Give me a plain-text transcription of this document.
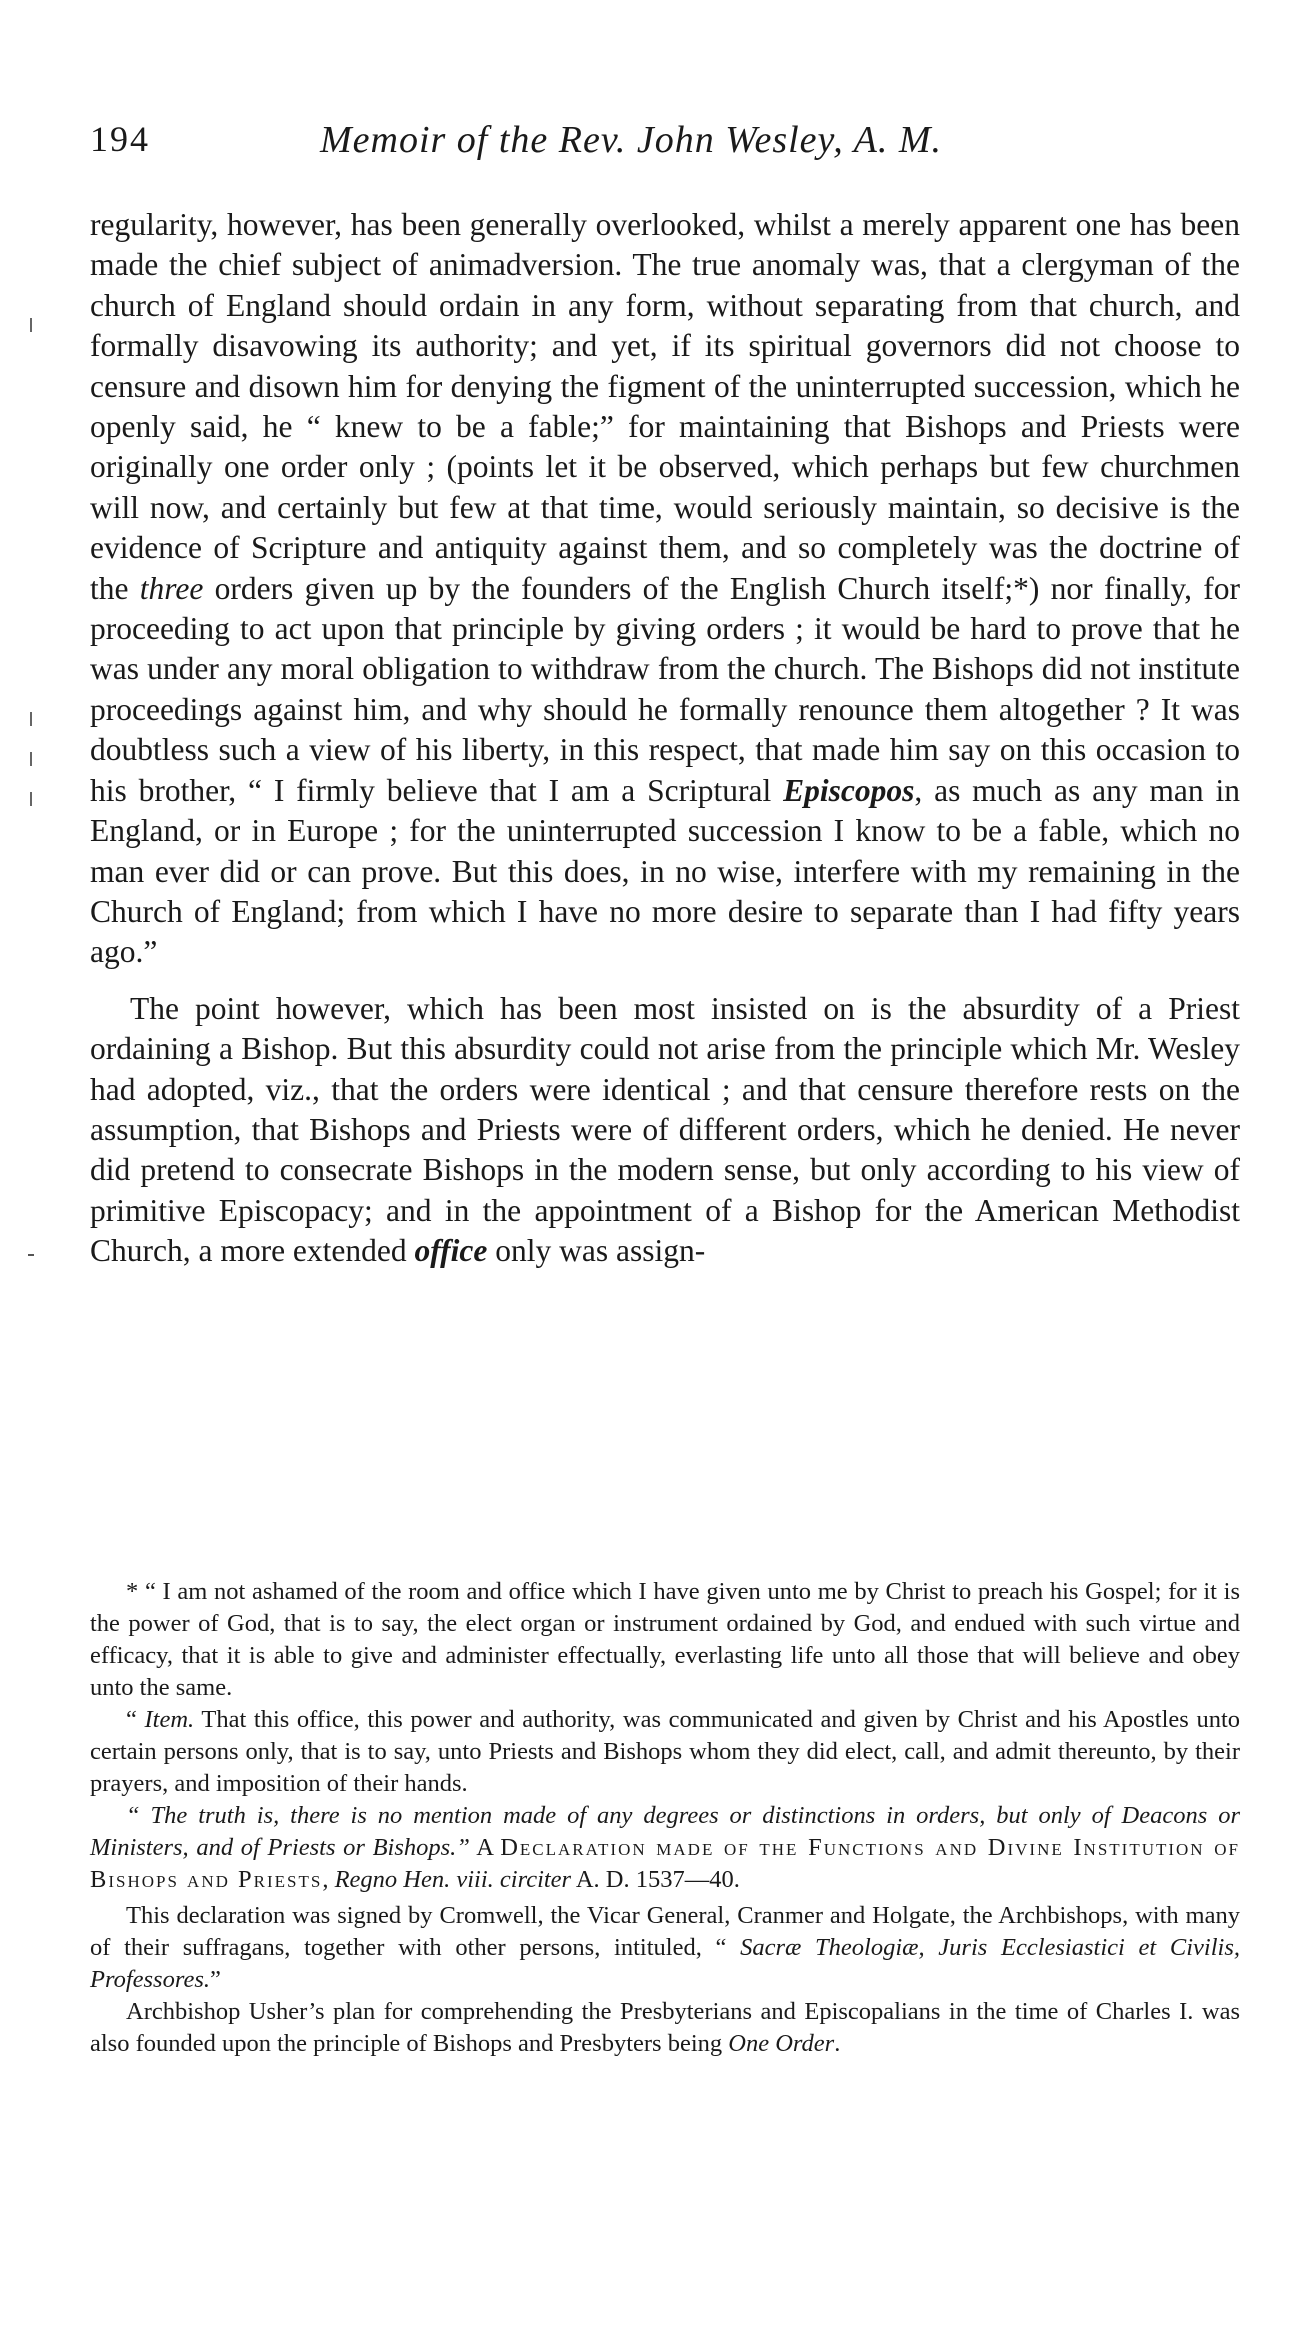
194	Memoir of the Rev. John Wesley, A. M.

regularity, however, has been generally overlooked, whilst a merely apparent one has been made the chief subject of animadversion. The true anomaly was, that a clergyman of the church of England should ordain in any form, without separating from that church, and formally disavowing its authority; and yet, if its spiritual governors did not choose to censure and disown him for denying the figment of the uninterrupted succession, which he openly said, he “ knew to be a fable;” for maintaining that Bishops and Priests were originally one order only ; (points let it be observed, which perhaps but few churchmen will now, and certainly but few at that time, would seriously maintain, so decisive is the evidence of Scripture and antiquity against them, and so completely was the doctrine of the three orders given up by the founders of the English Church itself;*) nor finally, for proceeding to act upon that principle by giving orders ; it would be hard to prove that he was under any moral obligation to withdraw from the church. The Bishops did not institute proceedings against him, and why should he formally renounce them altogether ? It was doubtless such a view of his liberty, in this respect, that made him say on this occasion to his brother, “ I firmly believe that I am a Scriptural Episcopos, as much as any man in England, or in Europe ; for the uninterrupted succession I know to be a fable, which no man ever did or can prove. But this does, in no wise, interfere with my remaining in the Church of England; from which I have no more desire to separate than I had fifty years ago.”

The point however, which has been most insisted on is the absurdity of a Priest ordaining a Bishop. But this absurdity could not arise from the principle which Mr. Wesley had adopted, viz., that the orders were identical ; and that censure therefore rests on the assumption, that Bishops and Priests were of different orders, which he denied. He never did pretend to consecrate Bishops in the modern sense, but only according to his view of primitive Episcopacy; and in the appointment of a Bishop for the American Methodist Church, a more extended office only was assign-

* “ I am not ashamed of the room and office which I have given unto me by Christ to preach his Gospel; for it is the power of God, that is to say, the elect organ or instrument ordained by God, and endued with such virtue and efficacy, that it is able to give and administer effectually, everlasting life unto all those that will believe and obey unto the same.

“ Item. That this office, this power and authority, was communicated and given by Christ and his Apostles unto certain persons only, that is to say, unto Priests and Bishops whom they did elect, call, and admit thereunto, by their prayers, and imposition of their hands.

“ The truth is, there is no mention made of any degrees or distinctions in orders, but only of Deacons or Ministers, and of Priests or Bishops.” A Declaration made of the Functions and Divine Institution of Bishops and Priests, Regno Hen. viii. circiter A. D. 1537—40.

This declaration was signed by Cromwell, the Vicar General, Cranmer and Holgate, the Archbishops, with many of their suffragans, together with other persons, intituled, “ Sacræ Theologiæ, Juris Ecclesiastici et Civilis, Professores.”

Archbishop Usher’s plan for comprehending the Presbyterians and Episcopalians in the time of Charles I. was also founded upon the principle of Bishops and Presbyters being One Order.
